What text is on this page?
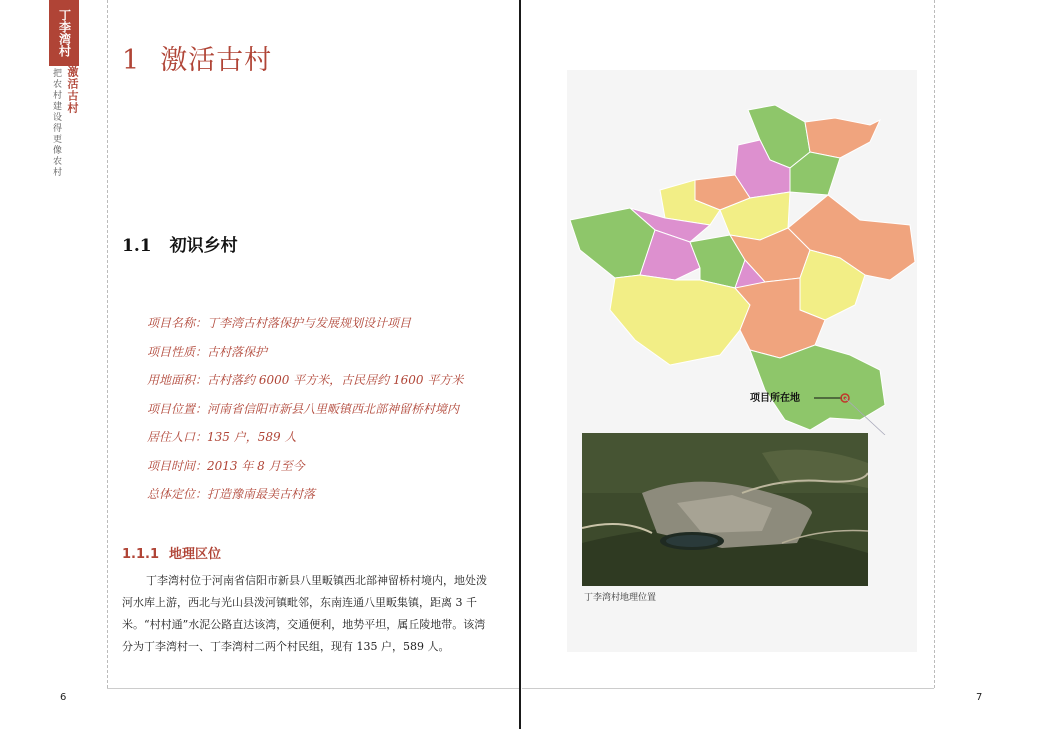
丁李湾村
激活古村
把农村建设得更像农村
1 激活古村
1.1 初识乡村
项目名称：丁李湾古村落保护与发展规划设计项目
项目性质：古村落保护
用地面积：古村落约 6000 平方米，古民居约 1600 平方米
项目位置：河南省信阳市新县八里畈镇西北部神留桥村境内
居住人口：135 户，589 人
项目时间：2013 年 8 月至今
总体定位：打造豫南最美古村落
1.1.1 地理区位

丁李湾村位于河南省信阳市新县八里畈镇西北部神留桥村境内，地处泼河水库上游，西北与光山县泼河镇毗邻，东南连通八里畈集镇，距离 3 千米。“村村通”水泥公路直达该湾，交通便利，地势平坦，属丘陵地带。该湾分为丁李湾村一、丁李湾村二两个村民组，现有 135 户，589 人。

6
项目所在地
丁李湾村地理位置
7
